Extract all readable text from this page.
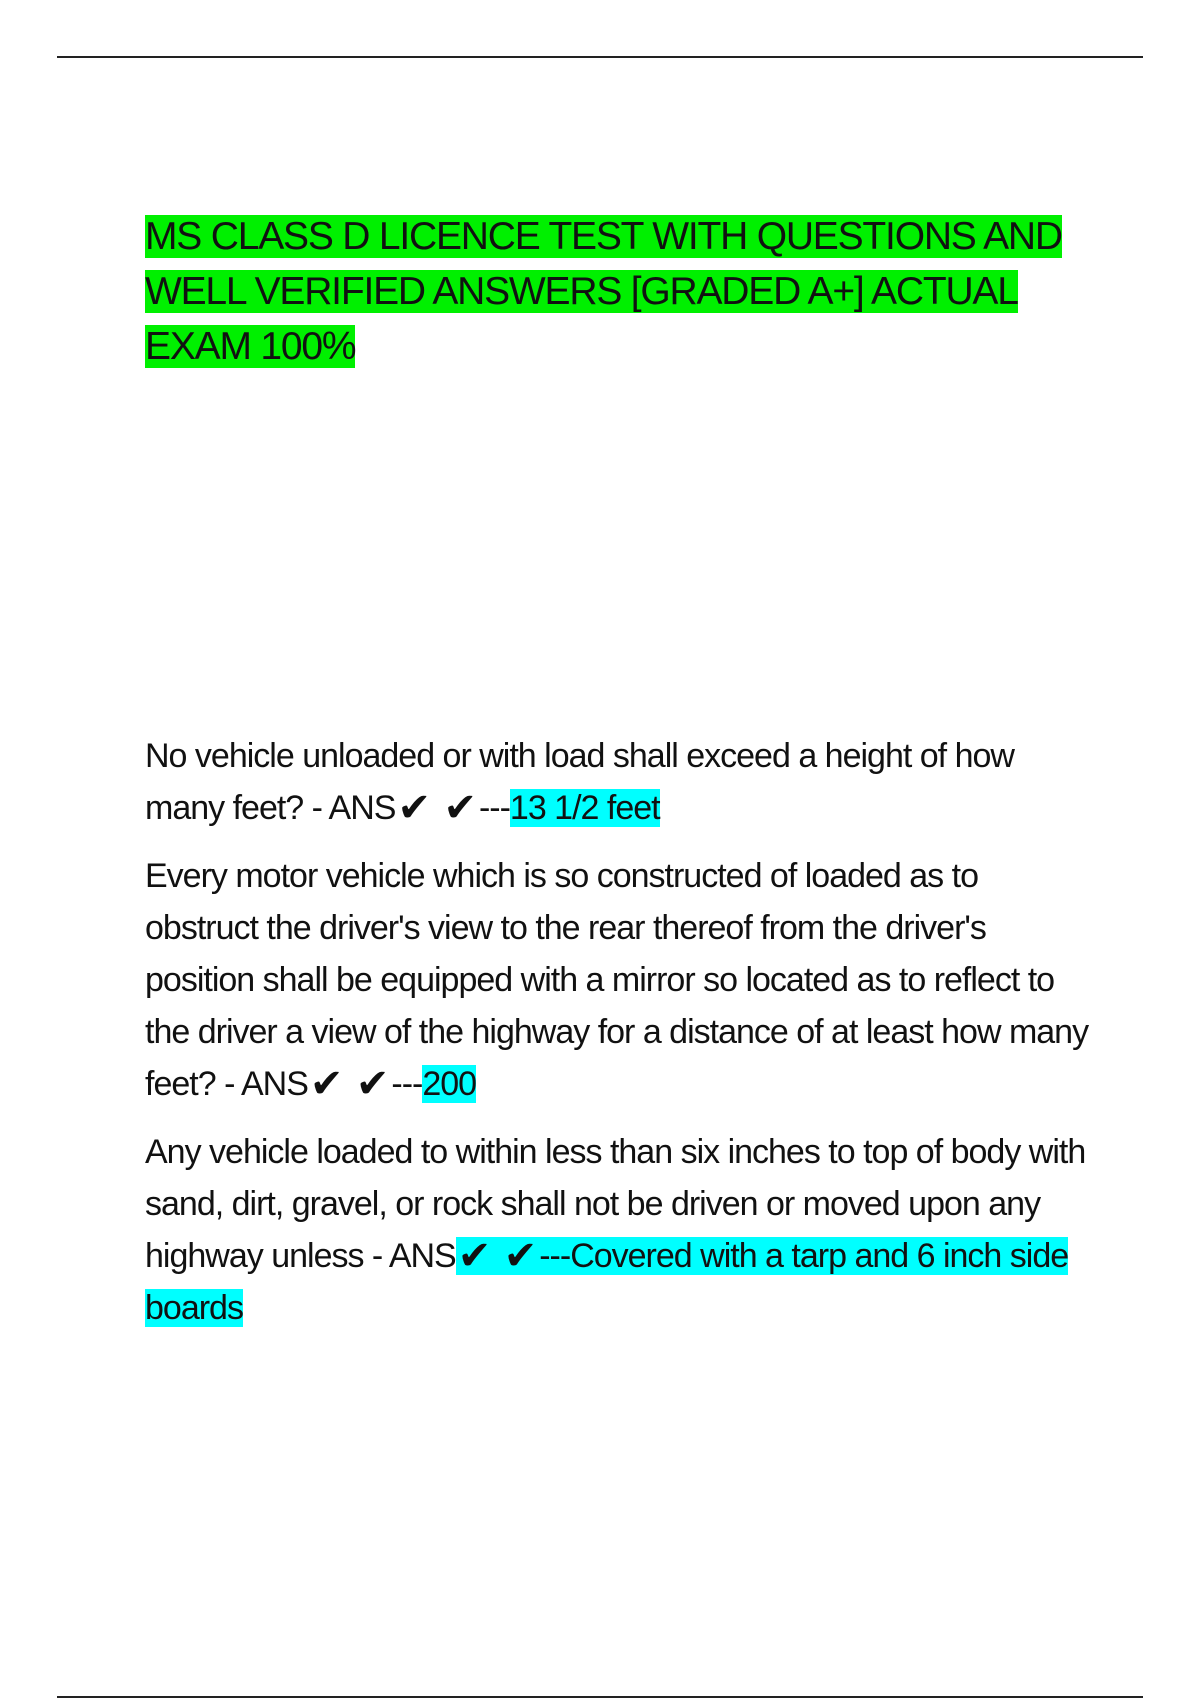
MS CLASS D LICENCE TEST WITH QUESTIONS AND WELL VERIFIED ANSWERS [GRADED A+] ACTUAL EXAM 100%

No vehicle unloaded or with load shall exceed a height of how many feet? - ANS✔ ✔---13 1/2 feet

Every motor vehicle which is so constructed of loaded as to obstruct the driver's view to the rear thereof from the driver's position shall be equipped with a mirror so located as to reflect to the driver a view of the highway for a distance of at least how many feet? - ANS✔ ✔---200

Any vehicle loaded to within less than six inches to top of body with sand, dirt, gravel, or rock shall not be driven or moved upon any highway unless - ANS✔ ✔---Covered with a tarp and 6 inch side boards
